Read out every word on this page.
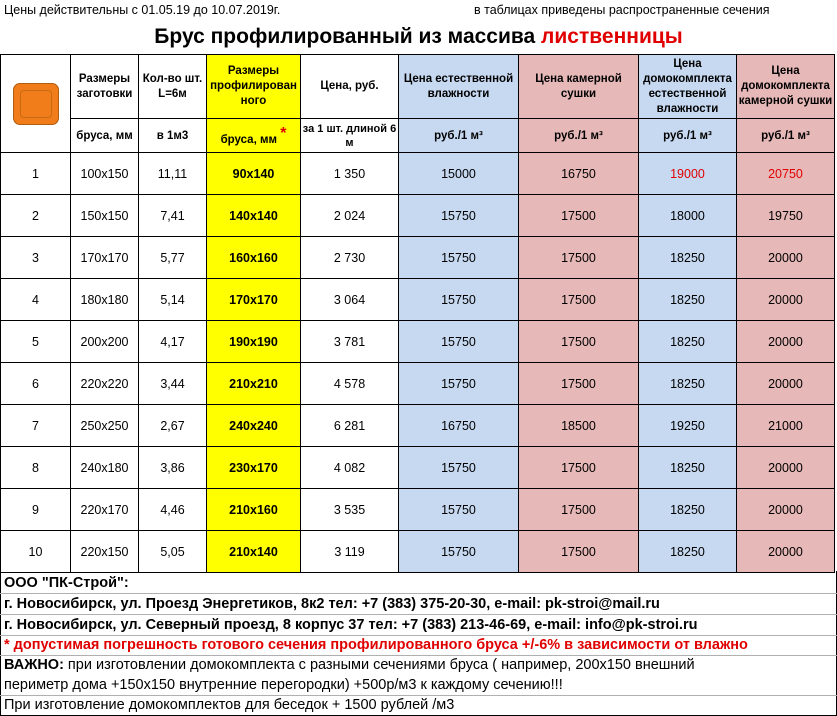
Цены действительны с 01.05.19 до 10.07.2019г.	в таблицах приведены распространенные сечения
Брус профилированный из массива лиственницы
	Размеры заготовки	Кол-во шт. L=6м	Размеры профилирован ного	Цена, руб.	Цена естественной влажности	Цена камерной сушки	Цена домокомплекта естественной влажности	Цена домокомплекта камерной сушки
	бруса, мм	в 1м3	бруса, мм *	за 1 шт. длиной 6 м	руб./1 м³	руб./1 м³	руб./1 м³	руб./1 м³
1	100х150	11,11	90х140	1 350	15000	16750	19000	20750
2	150х150	7,41	140х140	2 024	15750	17500	18000	19750
3	170х170	5,77	160х160	2 730	15750	17500	18250	20000
4	180х180	5,14	170х170	3 064	15750	17500	18250	20000
5	200х200	4,17	190х190	3 781	15750	17500	18250	20000
6	220х220	3,44	210х210	4 578	15750	17500	18250	20000
7	250х250	2,67	240х240	6 281	16750	18500	19250	21000
8	240х180	3,86	230х170	4 082	15750	17500	18250	20000
9	220х170	4,46	210х160	3 535	15750	17500	18250	20000
10	220х150	5,05	210х140	3 119	15750	17500	18250	20000
ООО "ПК-Строй":
г. Новосибирск, ул. Проезд Энергетиков, 8к2 тел: +7 (383) 375-20-30, e-mail: pk-stroi@mail.ru
г. Новосибирск, ул. Северный проезд, 8 корпус 37 тел: +7 (383) 213-46-69, e-mail: info@pk-stroi.ru
* допустимая погрешность готового сечения профилированного бруса +/-6% в зависимости от влажно
ВАЖНО: при изготовлении домокомплекта с разными сечениями бруса ( например, 200х150 внешний
периметр дома +150х150 внутренние перегородки) +500р/м3 к каждому сечению!!!
При изготовление домокомплектов для беседок + 1500 рублей /м3
